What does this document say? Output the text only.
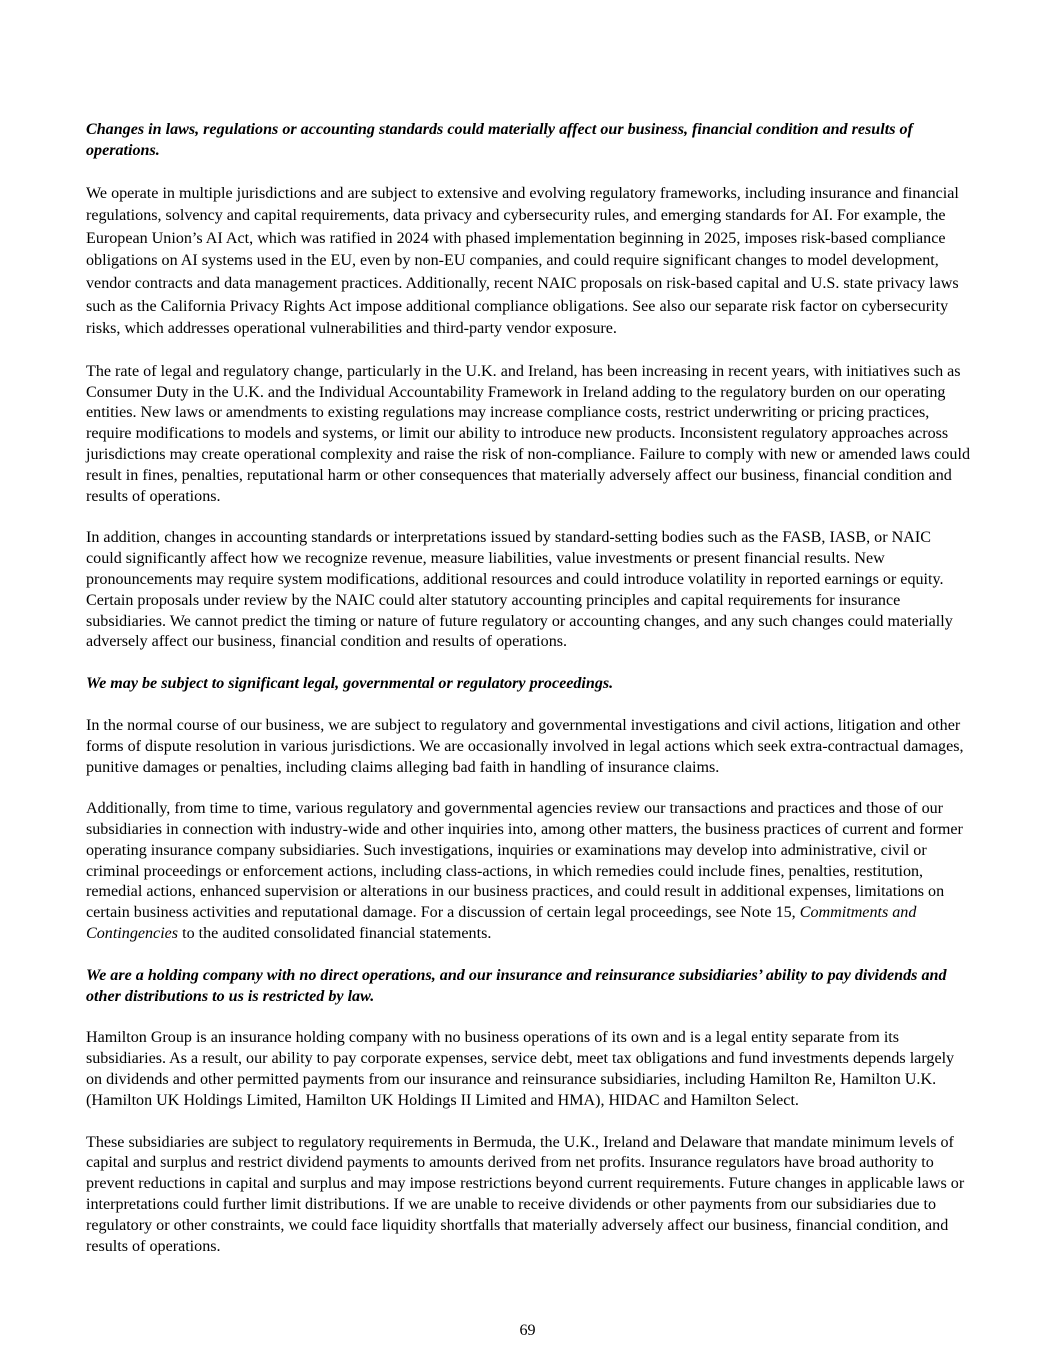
Changes in laws, regulations or accounting standards could materially affect our business, financial condition and results of operations.

We operate in multiple jurisdictions and are subject to extensive and evolving regulatory frameworks, including insurance and financial regulations, solvency and capital requirements, data privacy and cybersecurity rules, and emerging standards for AI. For example, the European Union’s AI Act, which was ratified in 2024 with phased implementation beginning in 2025, imposes risk-based compliance obligations on AI systems used in the EU, even by non-EU companies, and could require significant changes to model development, vendor contracts and data management practices. Additionally, recent NAIC proposals on risk-based capital and U.S. state privacy laws such as the California Privacy Rights Act impose additional compliance obligations. See also our separate risk factor on cybersecurity risks, which addresses operational vulnerabilities and third-party vendor exposure.

The rate of legal and regulatory change, particularly in the U.K. and Ireland, has been increasing in recent years, with initiatives such as Consumer Duty in the U.K. and the Individual Accountability Framework in Ireland adding to the regulatory burden on our operating entities. New laws or amendments to existing regulations may increase compliance costs, restrict underwriting or pricing practices, require modifications to models and systems, or limit our ability to introduce new products. Inconsistent regulatory approaches across jurisdictions may create operational complexity and raise the risk of non-compliance. Failure to comply with new or amended laws could result in fines, penalties, reputational harm or other consequences that materially adversely affect our business, financial condition and results of operations.

In addition, changes in accounting standards or interpretations issued by standard-setting bodies such as the FASB, IASB, or NAIC could significantly affect how we recognize revenue, measure liabilities, value investments or present financial results. New pronouncements may require system modifications, additional resources and could introduce volatility in reported earnings or equity. Certain proposals under review by the NAIC could alter statutory accounting principles and capital requirements for insurance subsidiaries. We cannot predict the timing or nature of future regulatory or accounting changes, and any such changes could materially adversely affect our business, financial condition and results of operations.

We may be subject to significant legal, governmental or regulatory proceedings.

In the normal course of our business, we are subject to regulatory and governmental investigations and civil actions, litigation and other forms of dispute resolution in various jurisdictions. We are occasionally involved in legal actions which seek extra-contractual damages, punitive damages or penalties, including claims alleging bad faith in handling of insurance claims.

Additionally, from time to time, various regulatory and governmental agencies review our transactions and practices and those of our subsidiaries in connection with industry-wide and other inquiries into, among other matters, the business practices of current and former operating insurance company subsidiaries. Such investigations, inquiries or examinations may develop into administrative, civil or criminal proceedings or enforcement actions, including class-actions, in which remedies could include fines, penalties, restitution, remedial actions, enhanced supervision or alterations in our business practices, and could result in additional expenses, limitations on certain business activities and reputational damage. For a discussion of certain legal proceedings, see Note 15, Commitments and Contingencies to the audited consolidated financial statements.

We are a holding company with no direct operations, and our insurance and reinsurance subsidiaries’ ability to pay dividends and other distributions to us is restricted by law.

Hamilton Group is an insurance holding company with no business operations of its own and is a legal entity separate from its subsidiaries. As a result, our ability to pay corporate expenses, service debt, meet tax obligations and fund investments depends largely on dividends and other permitted payments from our insurance and reinsurance subsidiaries, including Hamilton Re, Hamilton U.K. (Hamilton UK Holdings Limited, Hamilton UK Holdings II Limited and HMA), HIDAC and Hamilton Select.

These subsidiaries are subject to regulatory requirements in Bermuda, the U.K., Ireland and Delaware that mandate minimum levels of capital and surplus and restrict dividend payments to amounts derived from net profits. Insurance regulators have broad authority to prevent reductions in capital and surplus and may impose restrictions beyond current requirements. Future changes in applicable laws or interpretations could further limit distributions. If we are unable to receive dividends or other payments from our subsidiaries due to regulatory or other constraints, we could face liquidity shortfalls that materially adversely affect our business, financial condition, and results of operations.

69
